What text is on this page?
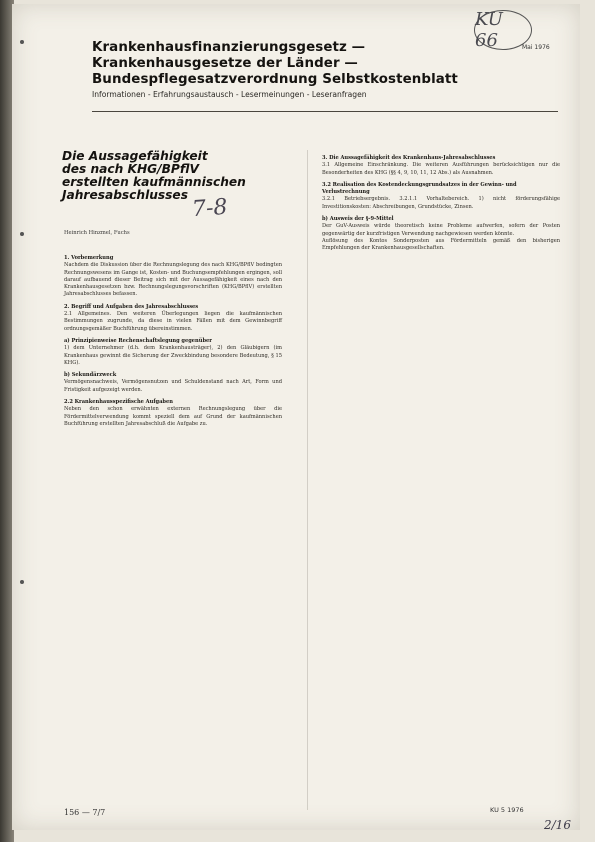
KU 66	Mai 1976
Krankenhausfinanzierungsgesetz —
Krankenhausgesetze der Länder —
Bundespflegesatzverordnung Selbstkostenblatt
Informationen - Erfahrungsaustausch - Lesermeinungen - Leseranfragen
Die Aussagefähigkeit
des nach KHG/BPflV
erstellten kaufmännischen
Jahresabschlusses
Heinrich Hinzmel, Fuchs
7-8
1. Vorbemerkung

Nachdem die Diskussion über die Rechnungslegung des nach KHG/BPflV bedingten Rechnungswesens im Gange ist, Kosten- und Buchungsempfehlungen ergingen, soll darauf aufbauend dieser Beitrag sich mit der Aussagefähigkeit eines nach den Krankenhausgesetzen bzw. Rechnungslegungsvorschriften (KHG/BPflV) erstellten Jahresabschlusses befassen.

2. Begriff und Aufgaben des Jahresabschlusses

2.1 Allgemeines. Den weiteren Überlegungen liegen die kaufmännischen Bestimmungen zugrunde, da diese in vielen Fällen mit dem Gewinnbegriff ordnungsgemäßer Buchführung übereinstimmen.

a) Prinzipienweise Rechenschaftslegung gegenüber

1) dem Unternehmer (d.h. dem Krankenhausträger), 2) den Gläubigern (im Krankenhaus gewinnt die Sicherung der Zweckbindung besondere Bedeutung, § 15 KHG).

b) Sekundärzweck

Vermögensnachweis, Vermögensnutzen und Schuldenstand nach Art, Form und Fristigkeit aufgezeigt werden.

2.2 Krankenhausspezifische Aufgaben

Neben den schon erwähnten externen Rechnungslegung über die Fördermittelverwendung kommt speziell dem auf Grund der kaufmännischen Buchführung erstellten Jahresabschluß die Aufgabe zu.

3. Die Aussagefähigkeit des Krankenhaus-Jahresabschlusses

3.1 Allgemeine Einschränkung. Die weiteren Ausführungen berücksichtigen nur die Besonderheiten des KHG (§§ 4, 9, 10, 11, 12 Abs.) als Ausnahmen.

3.2 Realisation des Kostendeckungsgrundsatzes in der Gewinn- und Verlustrechnung

3.2.1 Betriebsergebnis. 3.2.1.1 Vorhaltebereich. 1) nicht förderungsfähige Investitionskosten: Abschreibungen, Grundstücke, Zinsen.

b) Ausweis der §-9-Mittel

Der GuV-Ausweis würde theoretisch keine Probleme aufwerfen, sofern der Posten gegenwärtig der kurzfristigen Verwendung nachgewiesen werden könnte.

Auflösung des Kontos Sonderposten aus Fördermitteln gemäß den bisherigen Empfehlungen der Krankenhausgesellschaften.

156 — 7/7	KU 5 1976
2/16
